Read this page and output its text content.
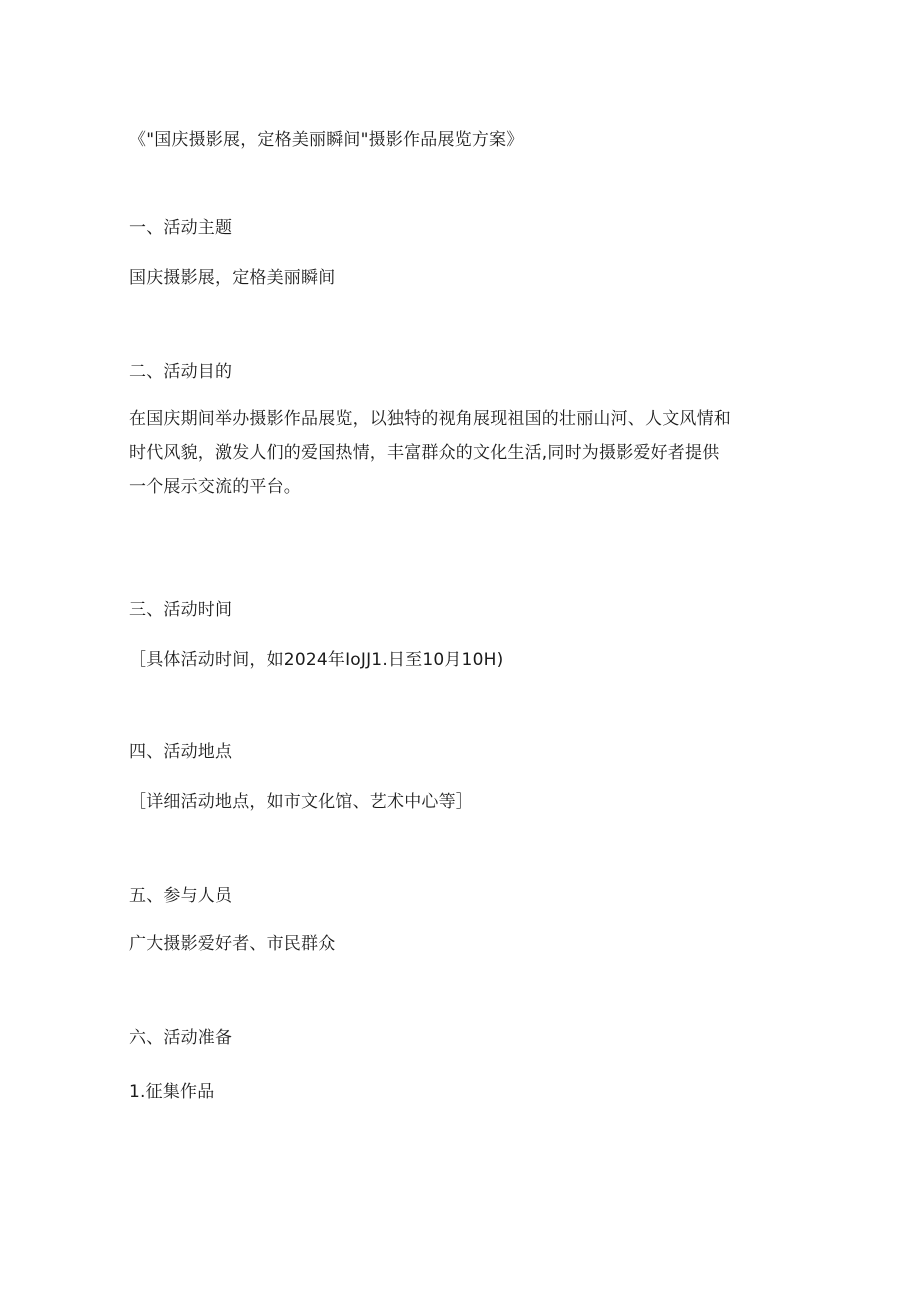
《"国庆摄影展，定格美丽瞬间"摄影作品展览方案》
一、活动主题
国庆摄影展，定格美丽瞬间
二、活动目的
在国庆期间举办摄影作品展览，以独特的视角展现祖国的壮丽山河、人文风情和
时代风貌，激发人们的爱国热情，丰富群众的文化生活,同时为摄影爱好者提供
一个展示交流的平台。
三、活动时间
［具体活动时间，如2024年IoJJ1.日至10月10H)
四、活动地点
［详细活动地点，如市文化馆、艺术中心等］
五、参与人员
广大摄影爱好者、市民群众
六、活动准备
1.征集作品
